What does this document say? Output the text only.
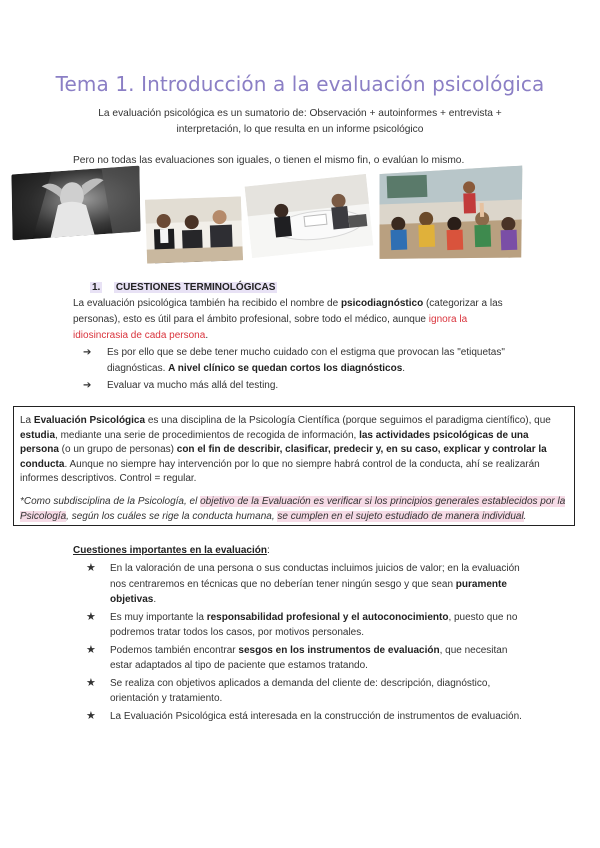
Tema 1. Introducción a la evaluación psicológica
La evaluación psicológica es un sumatorio de: Observación + autoinformes + entrevista + interpretación, lo que resulta en un informe psicológico
Pero no todas las evaluaciones son iguales, o tienen el mismo fin, o evalúan lo mismo.
1. CUESTIONES TERMINOLÓGICAS
La evaluación psicológica también ha recibido el nombre de psicodiagnóstico (categorizar a las personas), esto es útil para el ámbito profesional, sobre todo el médico, aunque ignora la idiosincrasia de cada persona.
➔ Es por ello que se debe tener mucho cuidado con el estigma que provocan las "etiquetas" diagnósticas. A nivel clínico se quedan cortos los diagnósticos.
➔ Evaluar va mucho más allá del testing.

La Evaluación Psicológica es una disciplina de la Psicología Científica (porque seguimos el paradigma científico), que estudia, mediante una serie de procedimientos de recogida de información, las actividades psicológicas de una persona (o un grupo de personas) con el fin de describir, clasificar, predecir y, en su caso, explicar y controlar la conducta. Aunque no siempre hay intervención por lo que no siempre habrá control de la conducta, ahí se realizarán informes descriptivos. Control = regular.

*Como subdisciplina de la Psicología, el objetivo de la Evaluación es verificar si los principios generales establecidos por la Psicología, según los cuáles se rige la conducta humana, se cumplen en el sujeto estudiado de manera individual.

Cuestiones importantes en la evaluación:
★ En la valoración de una persona o sus conductas incluimos juicios de valor; en la evaluación nos centraremos en técnicas que no deberían tener ningún sesgo y que sean puramente objetivas.
★ Es muy importante la responsabilidad profesional y el autoconocimiento, puesto que no podremos tratar todos los casos, por motivos personales.
★ Podemos también encontrar sesgos en los instrumentos de evaluación, que necesitan estar adaptados al tipo de paciente que estamos tratando.
★ Se realiza con objetivos aplicados a demanda del cliente de: descripción, diagnóstico, orientación y tratamiento.
★ La Evaluación Psicológica está interesada en la construcción de instrumentos de evaluación.
